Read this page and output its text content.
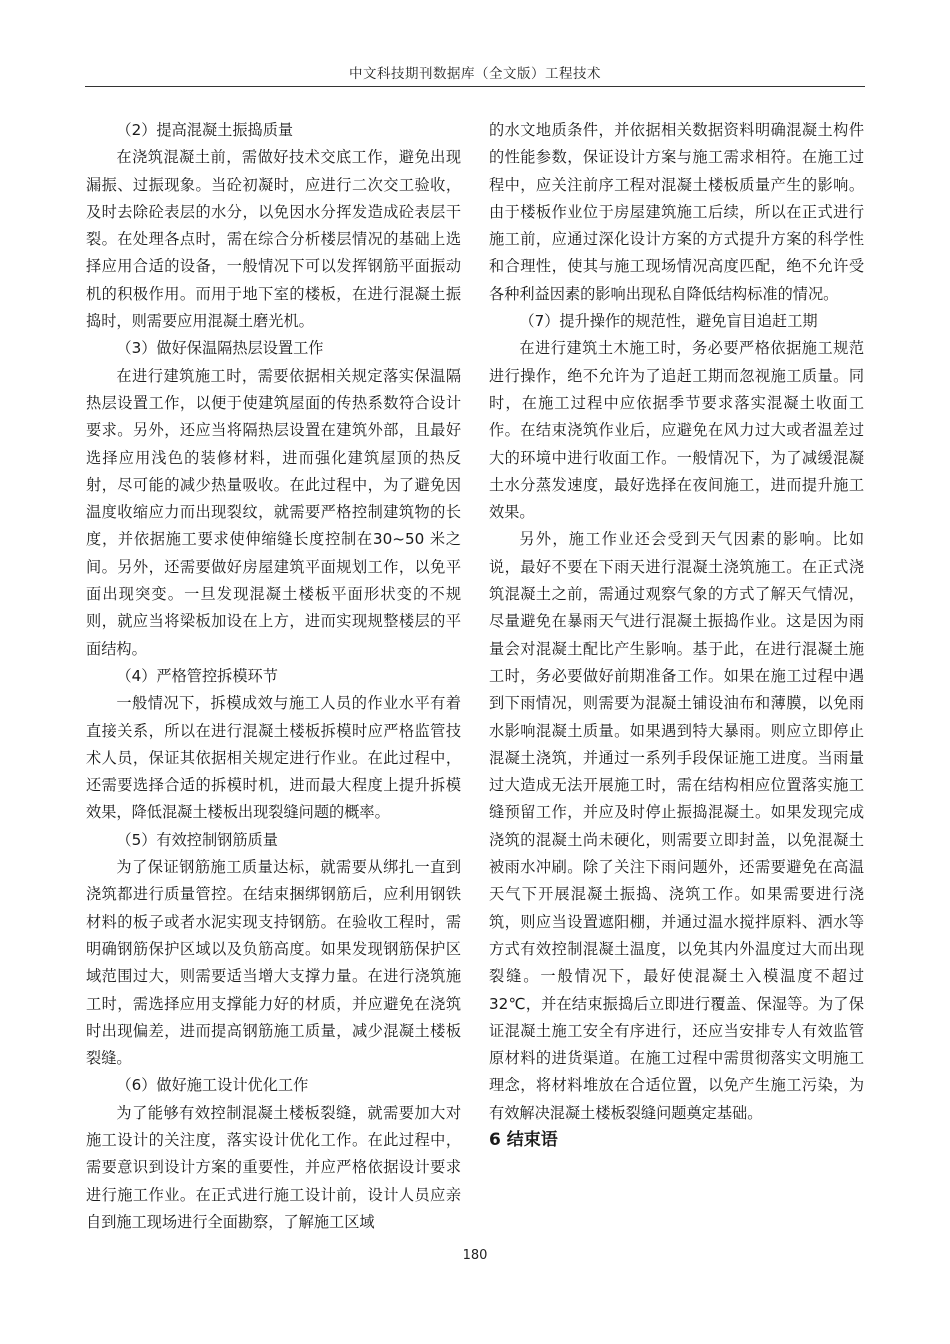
中文科技期刊数据库（全文版）工程技术

（2）提高混凝土振捣质量

在浇筑混凝土前，需做好技术交底工作，避免出现漏振、过振现象。当砼初凝时，应进行二次交工验收，及时去除砼表层的水分，以免因水分挥发造成砼表层干裂。在处理各点时，需在综合分析楼层情况的基础上选择应用合适的设备，一般情况下可以发挥钢筋平面振动机的积极作用。而用于地下室的楼板，在进行混凝土振捣时，则需要应用混凝土磨光机。

（3）做好保温隔热层设置工作

在进行建筑施工时，需要依据相关规定落实保温隔热层设置工作，以便于使建筑屋面的传热系数符合设计要求。另外，还应当将隔热层设置在建筑外部，且最好选择应用浅色的装修材料，进而强化建筑屋顶的热反射，尽可能的减少热量吸收。在此过程中，为了避免因温度收缩应力而出现裂纹，就需要严格控制建筑物的长度，并依据施工要求使伸缩缝长度控制在30~50 米之间。另外，还需要做好房屋建筑平面规划工作，以免平面出现突变。一旦发现混凝土楼板平面形状变的不规则，就应当将梁板加设在上方，进而实现规整楼层的平面结构。

（4）严格管控拆模环节

一般情况下，拆模成效与施工人员的作业水平有着直接关系，所以在进行混凝土楼板拆模时应严格监管技术人员，保证其依据相关规定进行作业。在此过程中，还需要选择合适的拆模时机，进而最大程度上提升拆模效果，降低混凝土楼板出现裂缝问题的概率。

（5）有效控制钢筋质量

为了保证钢筋施工质量达标，就需要从绑扎一直到浇筑都进行质量管控。在结束捆绑钢筋后，应利用钢铁材料的板子或者水泥实现支持钢筋。在验收工程时，需明确钢筋保护区域以及负筋高度。如果发现钢筋保护区域范围过大，则需要适当增大支撑力量。在进行浇筑施工时，需选择应用支撑能力好的材质，并应避免在浇筑时出现偏差，进而提高钢筋施工质量，减少混凝土楼板裂缝。

（6）做好施工设计优化工作

为了能够有效控制混凝土楼板裂缝，就需要加大对施工设计的关注度，落实设计优化工作。在此过程中，需要意识到设计方案的重要性，并应严格依据设计要求进行施工作业。在正式进行施工设计前，设计人员应亲自到施工现场进行全面勘察，了解施工区域

的水文地质条件，并依据相关数据资料明确混凝土构件的性能参数，保证设计方案与施工需求相符。在施工过程中，应关注前序工程对混凝土楼板质量产生的影响。由于楼板作业位于房屋建筑施工后续，所以在正式进行施工前，应通过深化设计方案的方式提升方案的科学性和合理性，使其与施工现场情况高度匹配，绝不允许受各种利益因素的影响出现私自降低结构标准的情况。

（7）提升操作的规范性，避免盲目追赶工期

在进行建筑土木施工时，务必要严格依据施工规范进行操作，绝不允许为了追赶工期而忽视施工质量。同时，在施工过程中应依据季节要求落实混凝土收面工作。在结束浇筑作业后，应避免在风力过大或者温差过大的环境中进行收面工作。一般情况下，为了减缓混凝土水分蒸发速度，最好选择在夜间施工，进而提升施工效果。

另外，施工作业还会受到天气因素的影响。比如说，最好不要在下雨天进行混凝土浇筑施工。在正式浇筑混凝土之前，需通过观察气象的方式了解天气情况，尽量避免在暴雨天气进行混凝土振捣作业。这是因为雨量会对混凝土配比产生影响。基于此，在进行混凝土施工时，务必要做好前期准备工作。如果在施工过程中遇到下雨情况，则需要为混凝土铺设油布和薄膜，以免雨水影响混凝土质量。如果遇到特大暴雨。则应立即停止混凝土浇筑，并通过一系列手段保证施工进度。当雨量过大造成无法开展施工时，需在结构相应位置落实施工缝预留工作，并应及时停止振捣混凝土。如果发现完成浇筑的混凝土尚未硬化，则需要立即封盖，以免混凝土被雨水冲刷。除了关注下雨问题外，还需要避免在高温天气下开展混凝土振捣、浇筑工作。如果需要进行浇筑，则应当设置遮阳棚，并通过温水搅拌原料、洒水等方式有效控制混凝土温度，以免其内外温度过大而出现裂缝。一般情况下，最好使混凝土入模温度不超过 32℃，并在结束振捣后立即进行覆盖、保湿等。为了保证混凝土施工安全有序进行，还应当安排专人有效监管原材料的进货渠道。在施工过程中需贯彻落实文明施工理念，将材料堆放在合适位置，以免产生施工污染，为有效解决混凝土楼板裂缝问题奠定基础。

6 结束语

180
